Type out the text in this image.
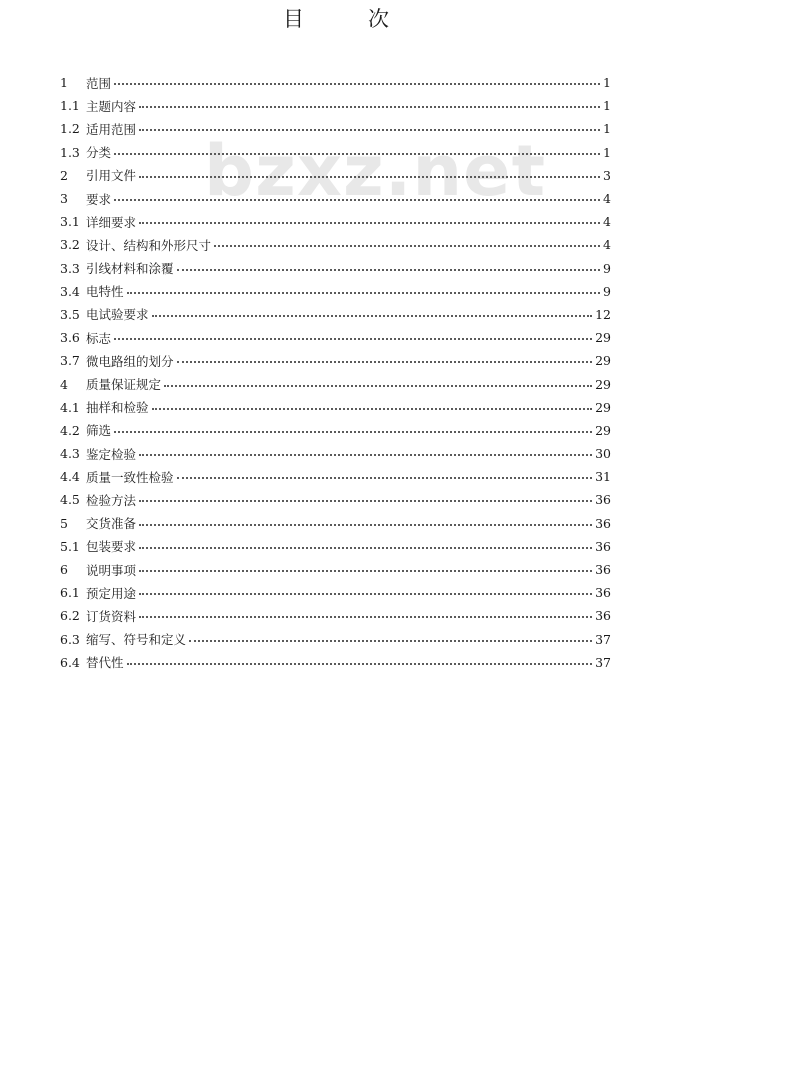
目	次
bzxz.net
1	范围	1
1.1 主题内容	1
1.2 适用范围	1
1.3 分类	1
2	引用文件	3
3	要求	4
3.1 详细要求	4
3.2 设计、结构和外形尺寸	4
3.3 引线材料和涂覆	9
3.4 电特性	9
3.5 电试验要求	12
3.6 标志	29
3.7 微电路组的划分	29
4	质量保证规定	29
4.1 抽样和检验	29
4.2 筛选	29
4.3 鉴定检验	30
4.4 质量一致性检验	31
4.5 检验方法	36
5	交货准备	36
5.1 包装要求	36
6	说明事项	36
6.1 预定用途	36
6.2 订货资料	36
6.3 缩写、符号和定义	37
6.4 替代性	37
